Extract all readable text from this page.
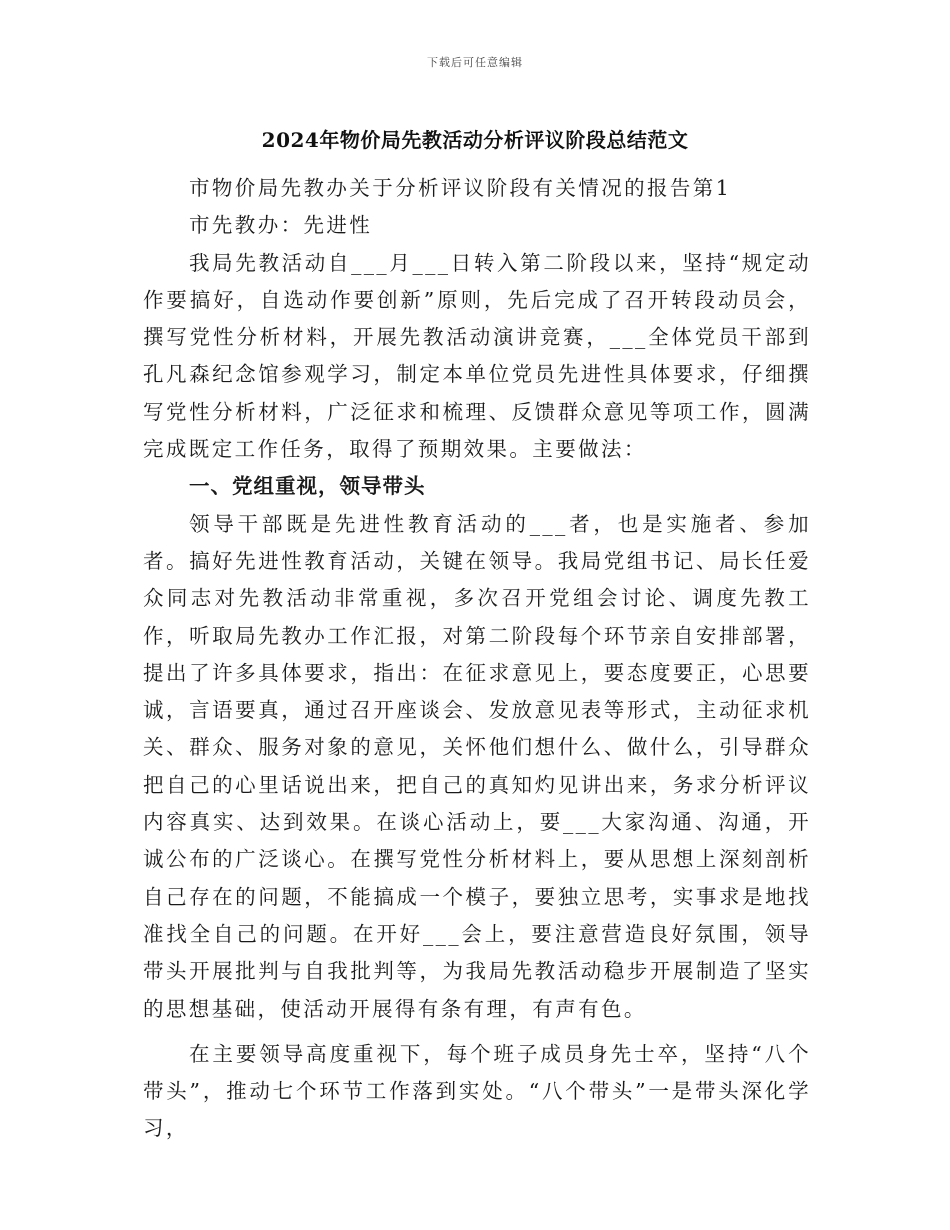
下载后可任意编辑
2024年物价局先教活动分析评议阶段总结范文

市物价局先教办关于分析评议阶段有关情况的报告第1

市先教办：先进性

我局先教活动自___月___日转入第二阶段以来，坚持“规定动作要搞好，自选动作要创新”原则，先后完成了召开转段动员会，撰写党性分析材料，开展先教活动演讲竞赛，___全体党员干部到孔凡森纪念馆参观学习，制定本单位党员先进性具体要求，仔细撰写党性分析材料，广泛征求和梳理、反馈群众意见等项工作，圆满完成既定工作任务，取得了预期效果。主要做法：

一、党组重视，领导带头

领导干部既是先进性教育活动的___者，也是实施者、参加者。搞好先进性教育活动，关键在领导。我局党组书记、局长任爱众同志对先教活动非常重视，多次召开党组会讨论、调度先教工作，听取局先教办工作汇报，对第二阶段每个环节亲自安排部署，提出了许多具体要求，指出：在征求意见上，要态度要正，心思要诚，言语要真，通过召开座谈会、发放意见表等形式，主动征求机关、群众、服务对象的意见，关怀他们想什么、做什么，引导群众把自己的心里话说出来，把自己的真知灼见讲出来，务求分析评议内容真实、达到效果。在谈心活动上，要___大家沟通、沟通，开诚公布的广泛谈心。在撰写党性分析材料上，要从思想上深刻剖析自己存在的问题，不能搞成一个模子，要独立思考，实事求是地找准找全自己的问题。在开好___会上，要注意营造良好氛围，领导带头开展批判与自我批判等，为我局先教活动稳步开展制造了坚实的思想基础，使活动开展得有条有理，有声有色。

在主要领导高度重视下，每个班子成员身先士卒，坚持“八个带头”，推动七个环节工作落到实处。“八个带头”一是带头深化学习，
